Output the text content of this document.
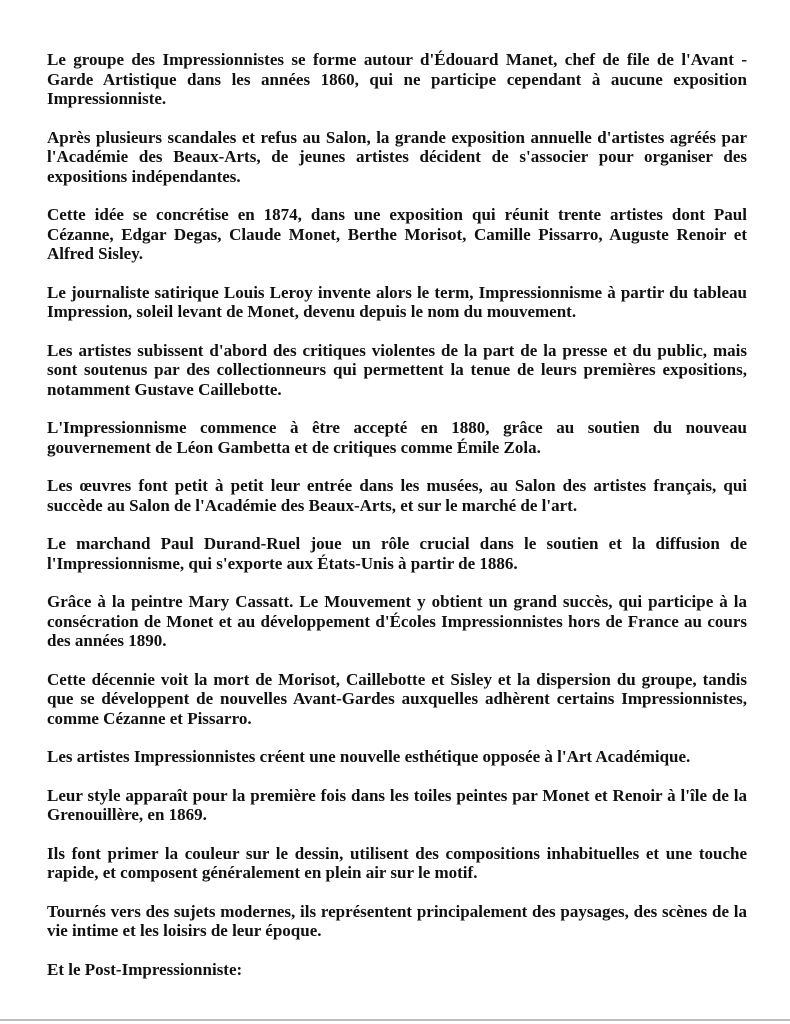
Le groupe des Impressionnistes se forme autour d'Édouard Manet, chef de file de l'Avant -Garde Artistique dans les années 1860, qui ne participe cependant à aucune exposition Impressionniste.

Après plusieurs scandales et refus au Salon, la grande exposition annuelle d'artistes agréés par l'Académie des Beaux-Arts, de jeunes artistes décident de s'associer pour organiser des expositions indépendantes.

Cette idée se concrétise en 1874, dans une exposition qui réunit trente artistes dont Paul Cézanne, Edgar Degas, Claude Monet, Berthe Morisot, Camille Pissarro, Auguste Renoir et Alfred Sisley.

Le journaliste satirique Louis Leroy invente alors le term, Impressionnisme à partir du tableau Impression, soleil levant de Monet, devenu depuis le nom du mouvement.

Les artistes subissent d'abord des critiques violentes de la part de la presse et du public, mais sont soutenus par des collectionneurs qui permettent la tenue de leurs premières expositions, notamment Gustave Caillebotte.

L'Impressionnisme commence à être accepté en 1880, grâce au soutien du nouveau gouvernement de Léon Gambetta et de critiques comme Émile Zola.

Les œuvres font petit à petit leur entrée dans les musées, au Salon des artistes français, qui succède au Salon de l'Académie des Beaux-Arts, et sur le marché de l'art.

Le marchand Paul Durand-Ruel joue un rôle crucial dans le soutien et la diffusion de l'Impressionnisme, qui s'exporte aux États-Unis à partir de 1886.

Grâce à la peintre Mary Cassatt. Le Mouvement y obtient un grand succès, qui participe à la consécration de Monet et au développement d'Écoles Impressionnistes hors de France au cours des années 1890.

Cette décennie voit la mort de Morisot, Caillebotte et Sisley et la dispersion du groupe, tandis que se développent de nouvelles Avant-Gardes auxquelles adhèrent certains Impressionnistes, comme Cézanne et Pissarro.

Les artistes Impressionnistes créent une nouvelle esthétique opposée à l'Art Académique.

Leur style apparaît pour la première fois dans les toiles peintes par Monet et Renoir à l'île de la Grenouillère, en 1869.

Ils font primer la couleur sur le dessin, utilisent des compositions inhabituelles et une touche rapide, et composent généralement en plein air sur le motif.

Tournés vers des sujets modernes, ils représentent principalement des paysages, des scènes de la vie intime et les loisirs de leur époque.

Et le Post-Impressionniste:
